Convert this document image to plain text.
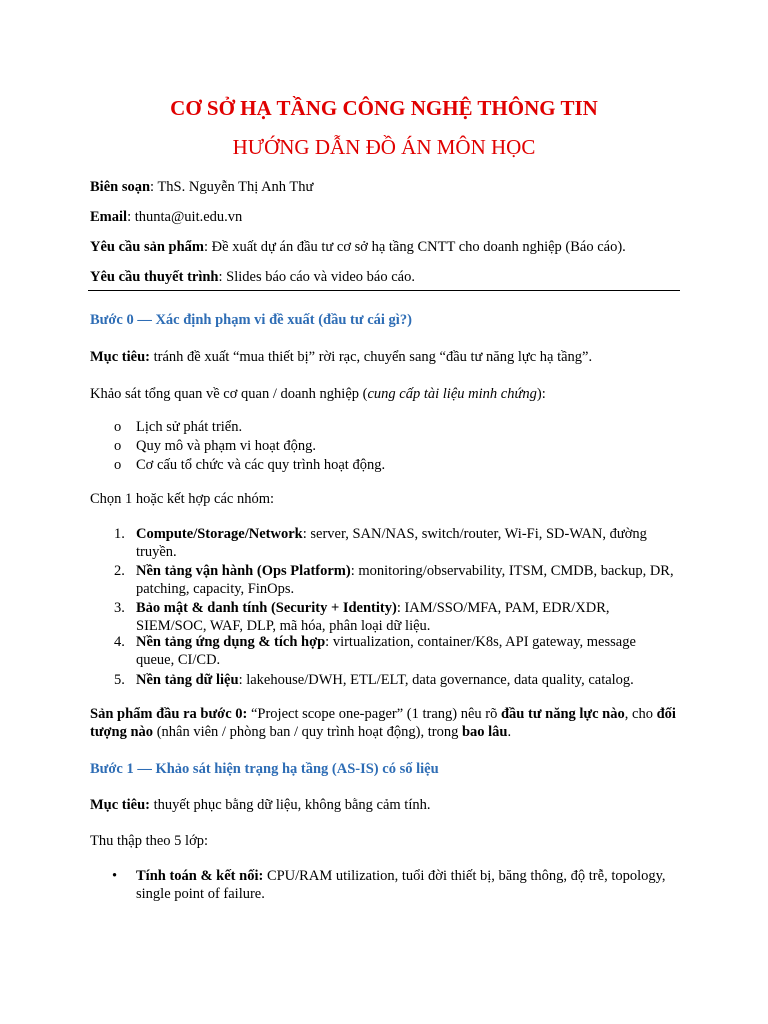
CƠ SỞ HẠ TẦNG CÔNG NGHỆ THÔNG TIN
HƯỚNG DẪN ĐỒ ÁN MÔN HỌC
Biên soạn: ThS. Nguyễn Thị Anh Thư
Email: thunta@uit.edu.vn
Yêu cầu sản phẩm: Đề xuất dự án đầu tư cơ sở hạ tầng CNTT cho doanh nghiệp (Báo cáo).
Yêu cầu thuyết trình: Slides báo cáo và video báo cáo.
Bước 0 — Xác định phạm vi đề xuất (đầu tư cái gì?)
Mục tiêu: tránh đề xuất “mua thiết bị” rời rạc, chuyển sang “đầu tư năng lực hạ tầng”.
Khảo sát tổng quan về cơ quan / doanh nghiệp (cung cấp tài liệu minh chứng):
o Lịch sử phát triển.
o Quy mô và phạm vi hoạt động.
o Cơ cấu tổ chức và các quy trình hoạt động.
Chọn 1 hoặc kết hợp các nhóm:
1. Compute/Storage/Network: server, SAN/NAS, switch/router, Wi-Fi, SD-WAN, đường truyền.
2. Nền tảng vận hành (Ops Platform): monitoring/observability, ITSM, CMDB, backup, DR, patching, capacity, FinOps.
3. Bảo mật & danh tính (Security + Identity): IAM/SSO/MFA, PAM, EDR/XDR, SIEM/SOC, WAF, DLP, mã hóa, phân loại dữ liệu.
4. Nền tảng ứng dụng & tích hợp: virtualization, container/K8s, API gateway, message queue, CI/CD.
5. Nền tảng dữ liệu: lakehouse/DWH, ETL/ELT, data governance, data quality, catalog.
Sản phẩm đầu ra bước 0: “Project scope one-pager” (1 trang) nêu rõ đầu tư năng lực nào, cho đối tượng nào (nhân viên / phòng ban / quy trình hoạt động), trong bao lâu.
Bước 1 — Khảo sát hiện trạng hạ tầng (AS-IS) có số liệu
Mục tiêu: thuyết phục bằng dữ liệu, không bằng cảm tính.
Thu thập theo 5 lớp:
• Tính toán & kết nối: CPU/RAM utilization, tuổi đời thiết bị, băng thông, độ trễ, topology, single point of failure.
